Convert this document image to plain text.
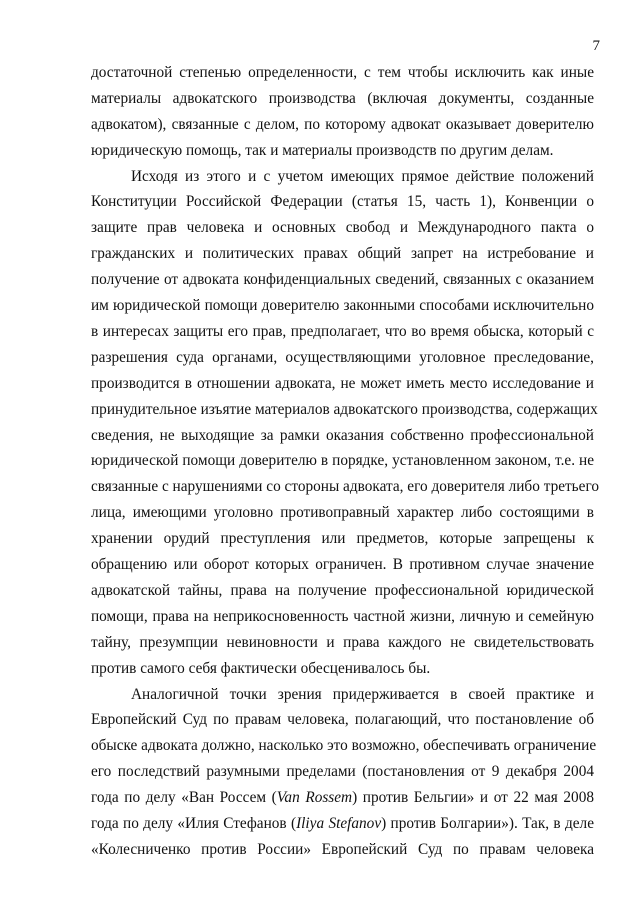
7
достаточной степенью определенности, с тем чтобы исключить как иные
материалы адвокатского производства (включая документы, созданные
адвокатом), связанные с делом, по которому адвокат оказывает доверителю
юридическую помощь, так и материалы производств по другим делам.
Исходя из этого и с учетом имеющих прямое действие положений
Конституции Российской Федерации (статья 15, часть 1), Конвенции о
защите прав человека и основных свобод и Международного пакта о
гражданских и политических правах общий запрет на истребование и
получение от адвоката конфиденциальных сведений, связанных с оказанием
им юридической помощи доверителю законными способами исключительно
в интересах защиты его прав, предполагает, что во время обыска, который с
разрешения суда органами, осуществляющими уголовное преследование,
производится в отношении адвоката, не может иметь место исследование и
принудительное изъятие материалов адвокатского производства, содержащих
сведения, не выходящие за рамки оказания собственно профессиональной
юридической помощи доверителю в порядке, установленном законом, т.е. не
связанные с нарушениями со стороны адвоката, его доверителя либо третьего
лица, имеющими уголовно противоправный характер либо состоящими в
хранении орудий преступления или предметов, которые запрещены к
обращению или оборот которых ограничен. В противном случае значение
адвокатской тайны, права на получение профессиональной юридической
помощи, права на неприкосновенность частной жизни, личную и семейную
тайну, презумпции невиновности и права каждого не свидетельствовать
против самого себя фактически обесценивалось бы.
Аналогичной точки зрения придерживается в своей практике и
Европейский Суд по правам человека, полагающий, что постановление об
обыске адвоката должно, насколько это возможно, обеспечивать ограничение
его последствий разумными пределами (постановления от 9 декабря 2004
года по делу «Ван Россем (Van Rossem) против Бельгии» и от 22 мая 2008
года по делу «Илия Стефанов (Iliya Stefanov) против Болгарии»). Так, в деле
«Колесниченко против России» Европейский Суд по правам человека
